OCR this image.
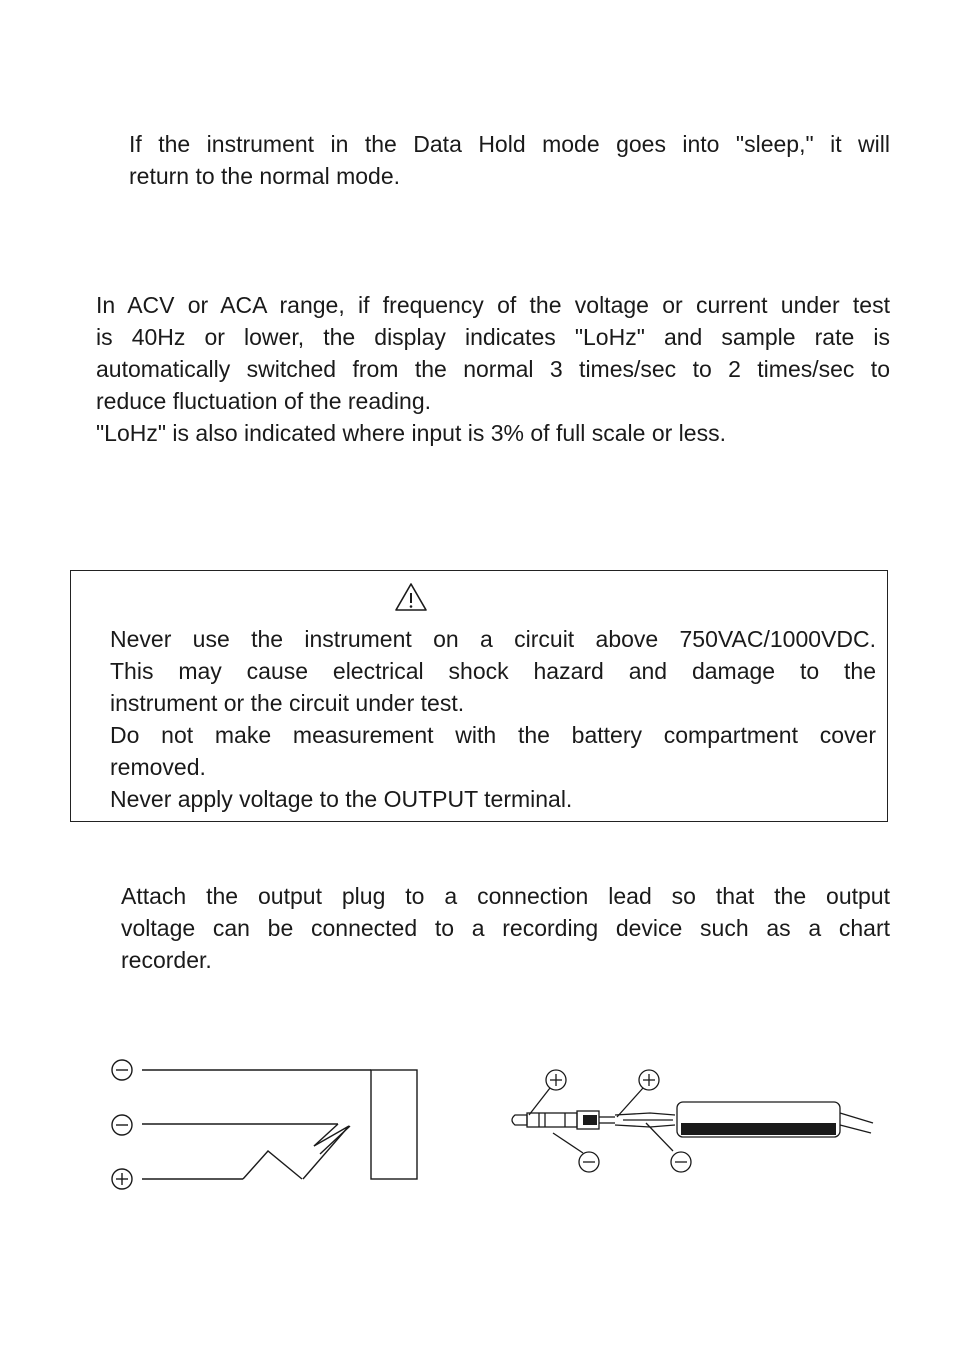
If the instrument in the Data Hold mode goes into "sleep," it will
return to the normal mode.
In ACV or ACA range, if frequency of the voltage or current under test
is 40Hz or lower, the display indicates "LoHz" and sample rate is
automatically switched from the normal 3 times/sec to 2 times/sec to
reduce fluctuation of the reading.
"LoHz" is also indicated where input is 3% of full scale or less.
Never use the instrument on a circuit above 750VAC/1000VDC.
This may cause electrical shock hazard and damage to the
instrument or the circuit under test.
Do not make measurement with the battery compartment cover
removed.
Never apply voltage to the OUTPUT terminal.
Attach the output plug to a connection lead so that the output
voltage can be connected to a recording device such as a chart
recorder.
−
